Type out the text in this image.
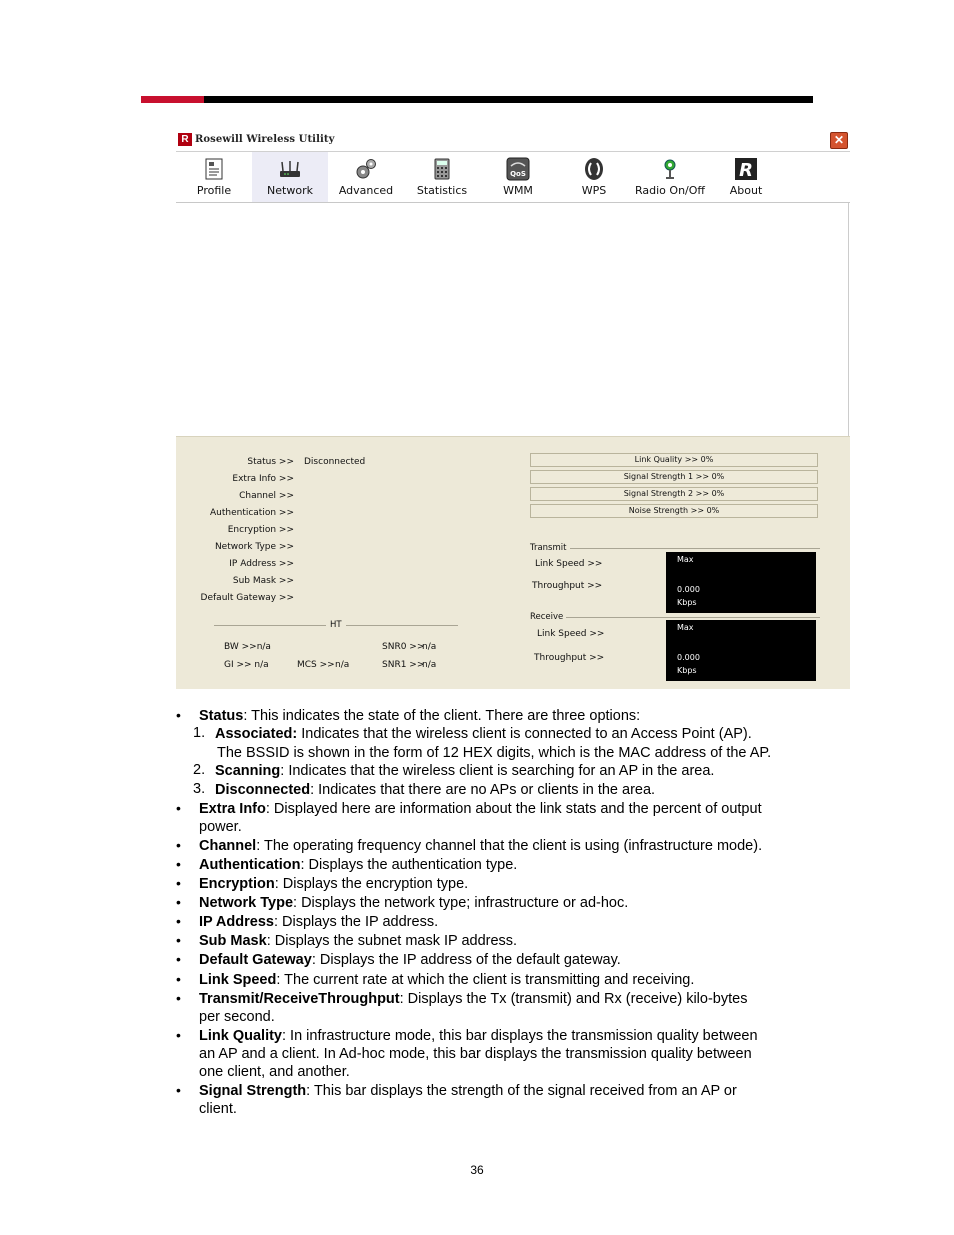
R Rosewill Wireless Utility	✕
Profile	Network	Advanced	Statistics
QoS
WMM	WPS	Radio On/Off
R
About
Status >> Disconnected
Extra Info >>
Channel >>
Authentication >>
Encryption >>
Network Type >>
IP Address >>
Sub Mask >>
Default Gateway >>
HT
BW >>n/a
GI >> n/a	MCS >> n/a
SNR0 >>
n/a
SNR1 >>
n/a
Link Quality >> 0%
Signal Strength 1 >> 0%
Signal Strength 2 >> 0%
Noise Strength >> 0%
Transmit
Link Speed >>
Throughput >>
Max
0.000
Kbps
Receive
Link Speed >>
Throughput >>
Max
0.000
Kbps
• Status: This indicates the state of the client. There are three options:
1. Associated: Indicates that the wireless client is connected to an Access Point (AP).
The BSSID is shown in the form of 12 HEX digits, which is the MAC address of the AP.
2. Scanning: Indicates that the wireless client is searching for an AP in the area.
3. Disconnected: Indicates that there are no APs or clients in the area.
• Extra Info: Displayed here are information about the link stats and the percent of output
power.
• Channel: The operating frequency channel that the client is using (infrastructure mode).
• Authentication: Displays the authentication type.
• Encryption: Displays the encryption type.
• Network Type: Displays the network type; infrastructure or ad-hoc.
• IP Address: Displays the IP address.
• Sub Mask: Displays the subnet mask IP address.
• Default Gateway: Displays the IP address of the default gateway.
• Link Speed: The current rate at which the client is transmitting and receiving.
• Transmit/ReceiveThroughput: Displays the Tx (transmit) and Rx (receive) kilo-bytes
per second.
• Link Quality: In infrastructure mode, this bar displays the transmission quality between
an AP and a client. In Ad-hoc mode, this bar displays the transmission quality between
one client, and another.
• Signal Strength: This bar displays the strength of the signal received from an AP or
client.
36
